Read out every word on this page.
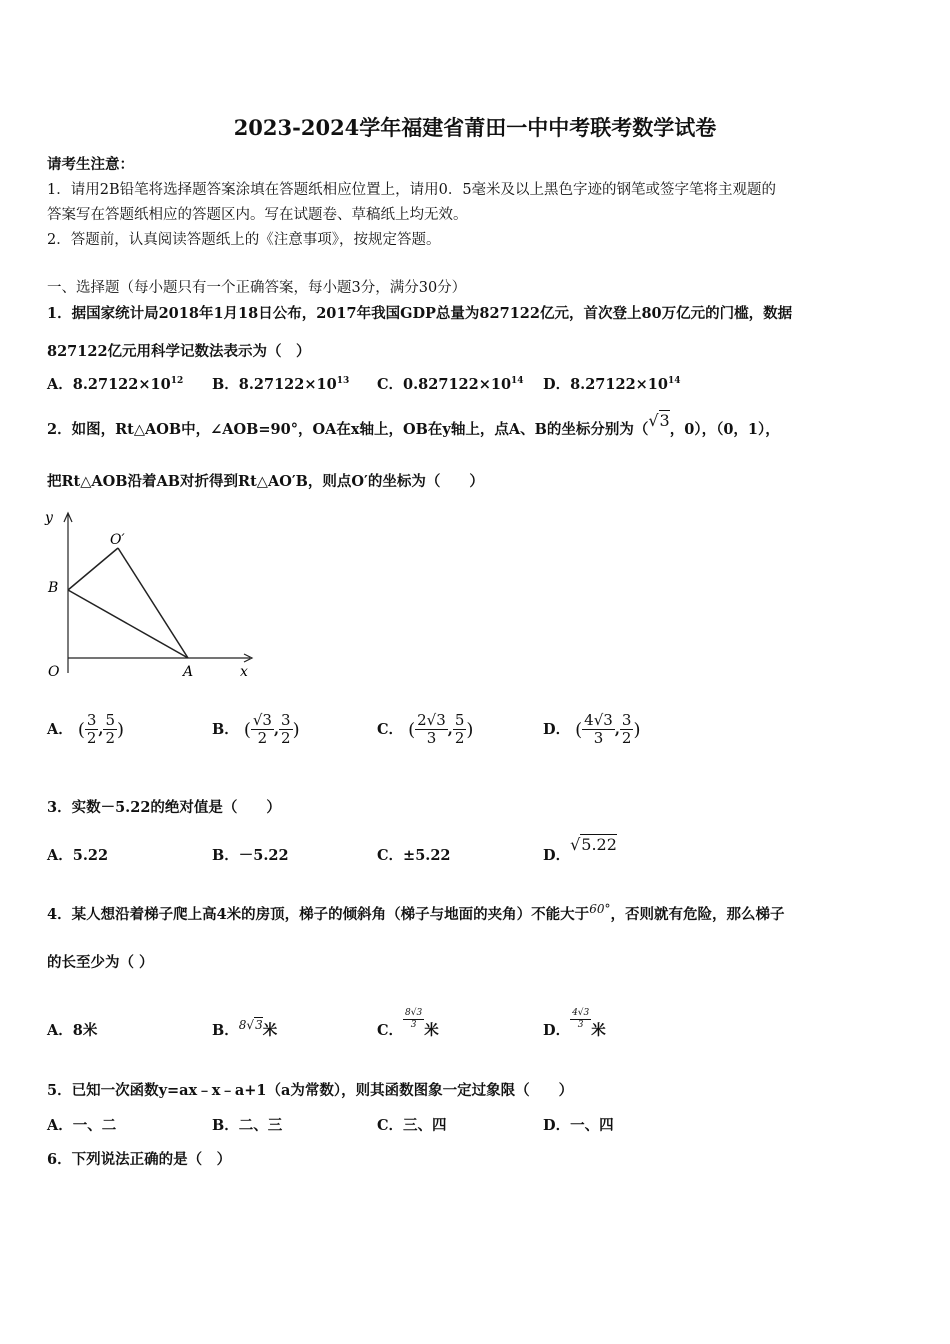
2023-2024学年福建省莆田一中中考联考数学试卷
请考生注意：
1．请用2B铅笔将选择题答案涂填在答题纸相应位置上，请用0．5毫米及以上黑色字迹的钢笔或签字笔将主观题的
答案写在答题纸相应的答题区内。写在试题卷、草稿纸上均无效。
2．答题前，认真阅读答题纸上的《注意事项》，按规定答题。
一、选择题（每小题只有一个正确答案，每小题3分，满分30分）
1．据国家统计局2018年1月18日公布，2017年我国GDP总量为827122亿元，首次登上80万亿元的门槛，数据
827122亿元用科学记数法表示为（　）
A．$8.27122\times 10^{12}$ B．$8.27122\times 10^{13}$ C．$0.827122\times 10^{14}$ D．$8.27122\times 10^{14}$
2．如图，Rt△AOB中，∠AOB=90°，OA在x轴上，OB在y轴上，点A、B的坐标分别为（√3，0），（0，1），
把Rt△AOB沿着AB对折得到Rt△AO′B，则点O′的坐标为（　　）
y
x
O
B
O′
A
A． ( $\frac{3}{2}$ , $\frac{5}{2}$ )	B． ( $\frac{√3}{2}$ , $\frac{3}{2}$ )	C． ( $\frac{2√3}{3}$ , $\frac{5}{2}$ )	D． ( $\frac{4√3}{3}$ , $\frac{3}{2}$ )
3．实数－5.22的绝对值是（　　）
A．5.22	B．－5.22	C．±5.22	D．√5.22
4．某人想沿着梯子爬上高4米的房顶，梯子的倾斜角（梯子与地面的夹角）不能大于$^{60^\circ}$，否则就有危险，那么梯子
的长至少为（ ）
A．8米	B．$^{8√3}$米	C．
$\frac{8√3}{3}$
米	D．
$\frac{4√3}{3}$
米
5．已知一次函数y=ax﹣x﹣a+1（a为常数），则其函数图象一定过象限（　　）
A．一、二	B．二、三	C．三、四	D．一、四
6．下列说法正确的是（　）
